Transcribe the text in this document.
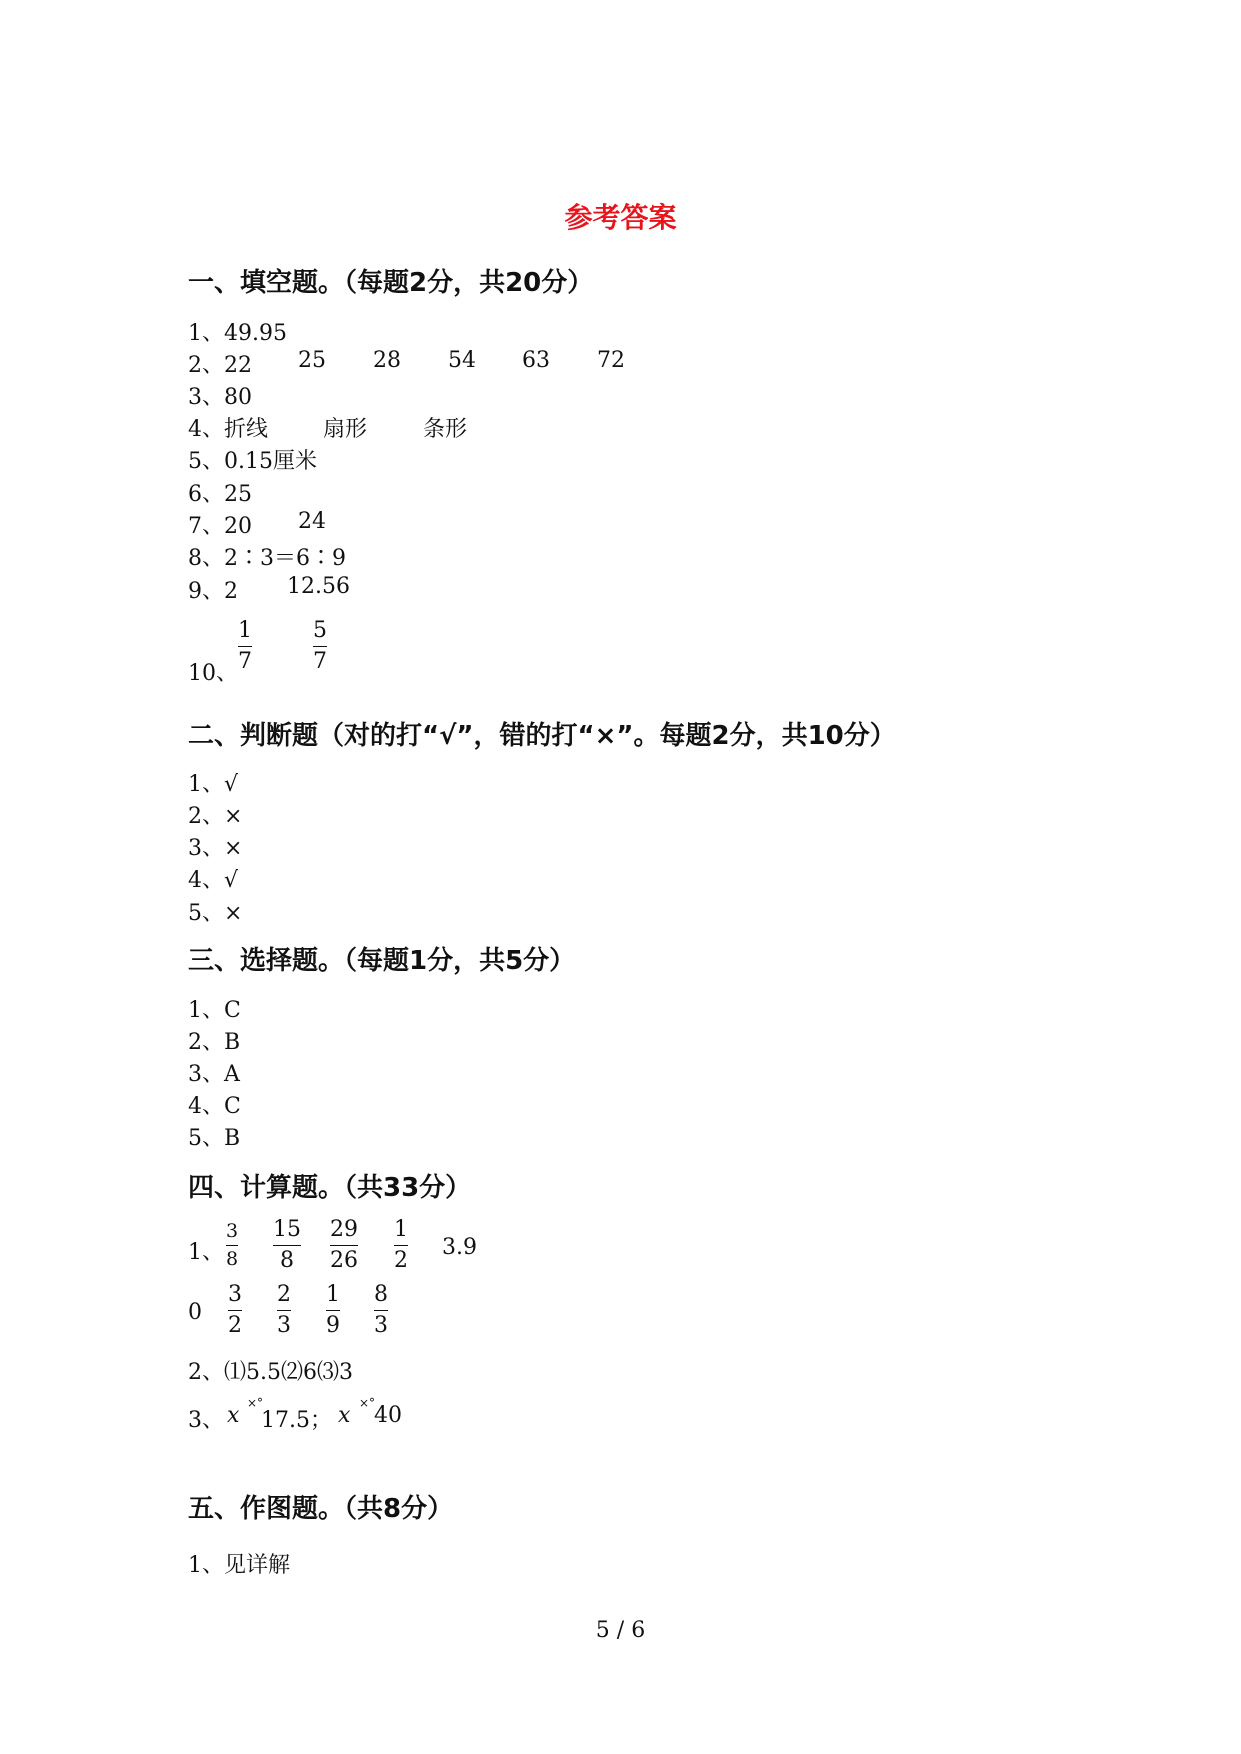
参考答案
一、填空题。（每题2分，共20分）
1、49.95
2、22 25 28 54 63 72
3、80
4、折线	扇形	条形
5、0.15厘米
6、25
7、20 24
8、2∶3＝6∶9
9、2 12.56
10、
1
7
5
7
二、判断题（对的打“√”，错的打“×”。每题2分，共10分）
1、√
2、×
3、×
4、√
5、×
三、选择题。（每题1分，共5分）
1、C
2、B
3、A
4、C
5、B
四、计算题。（共33分）
1、
3
8
15
8
29
26
1
2
3.9
0
3
2
2
3
1
9
8
3
2、⑴5.5⑵6⑶3
3、 x ×°
17.5； x ×°
40
五、作图题。（共8分）
1、见详解
5 / 6
